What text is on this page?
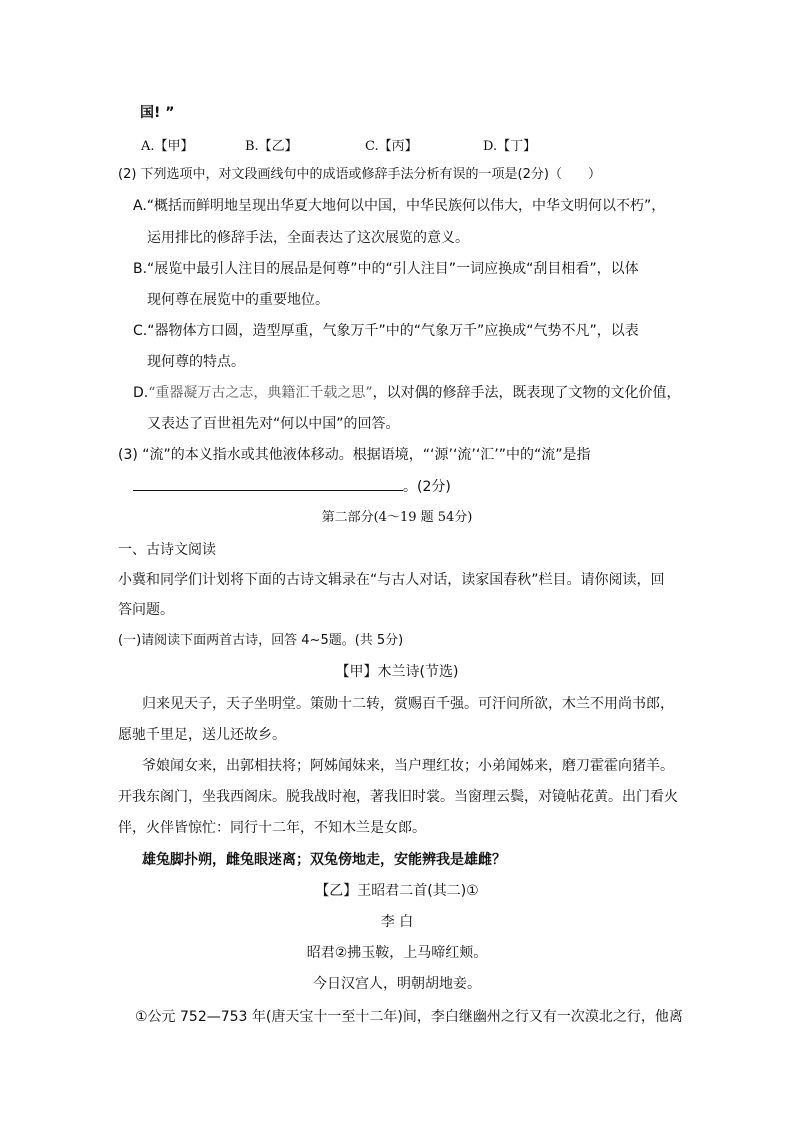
国! ”
A.【甲】	B.【乙】	C.【丙】	D.【丁】
(2) 下列选项中，对文段画线句中的成语或修辞手法分析有误的一项是(2分)（　　）
A.“概括而鲜明地呈现出华夏大地何以中国，中华民族何以伟大，中华文明何以不朽”，
运用排比的修辞手法，全面表达了这次展览的意义。
B.“展览中最引人注目的展品是何尊”中的“引人注目”一词应换成“刮目相看”，以体
现何尊在展览中的重要地位。
C.“器物体方口圆，造型厚重，气象万千”中的“气象万千”应换成“气势不凡”，以表
现何尊的特点。
D.“重器凝万古之志，典籍汇千载之思”，以对偶的修辞手法，既表现了文物的文化价值，
又表达了百世祖先对“何以中国”的回答。
(3) “流”的本义指水或其他液体移动。根据语境，“‘源’‘流’‘汇’”中的“流”是指
。(2分)
第二部分(4～19 题 54分)
一、古诗文阅读
小冀和同学们计划将下面的古诗文辑录在“与古人对话，读家国春秋”栏目。请你阅读，回
答问题。
(一)请阅读下面两首古诗，回答 4~5题。(共 5分)
【甲】木兰诗(节选)
归来见天子，天子坐明堂。策勋十二转，赏赐百千强。可汗问所欲，木兰不用尚书郎，
愿驰千里足，送儿还故乡。
爷娘闻女来，出郭相扶将；阿姊闻妹来，当户理红妆；小弟闻姊来，磨刀霍霍向猪羊。
开我东阁门，坐我西阁床。脱我战时袍，著我旧时裳。当窗理云鬓，对镜帖花黄。出门看火
伴，火伴皆惊忙：同行十二年，不知木兰是女郎。
雄兔脚扑朔，雌兔眼迷离；双兔傍地走，安能辨我是雄雌？
【乙】王昭君二首(其二)①
李 白
昭君②拂玉鞍，上马啼红颊。
今日汉宫人，明朝胡地妾。
①公元 752—753 年(唐天宝十一至十二年)间，李白继幽州之行又有一次漠北之行，他离
